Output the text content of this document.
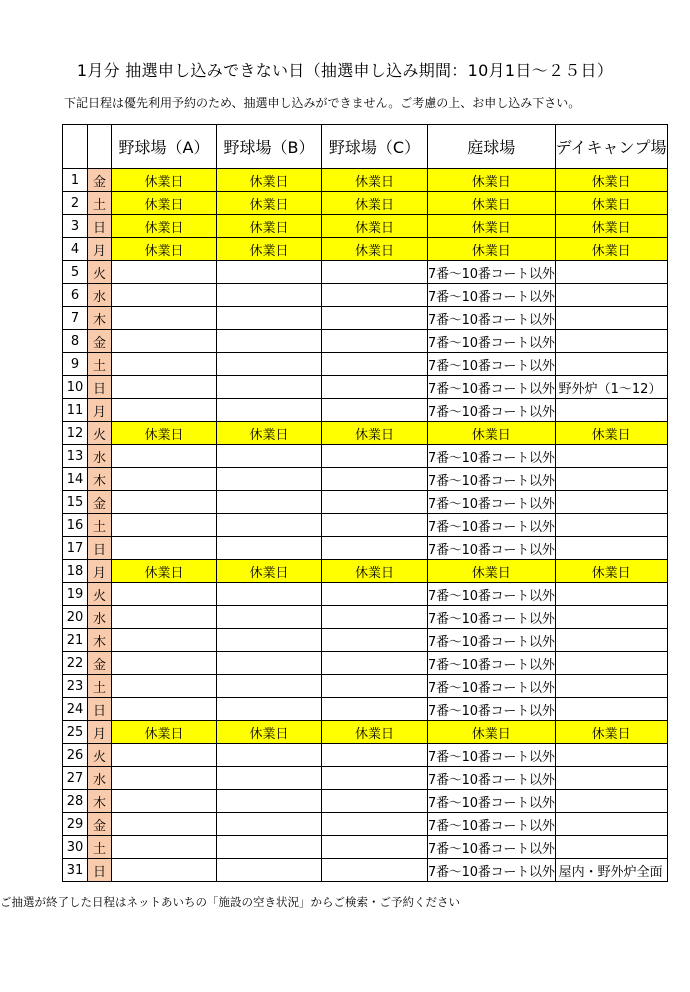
1月分 抽選申し込みできない日（抽選申し込み期間：10月1日～２５日）
下記日程は優先利用予約のため、抽選申し込みができません。ご考慮の上、お申し込み下さい。
		野球場（A）	野球場（B）	野球場（C）	庭球場	デイキャンプ場
1	金	休業日	休業日	休業日	休業日	休業日
2	土	休業日	休業日	休業日	休業日	休業日
3	日	休業日	休業日	休業日	休業日	休業日
4	月	休業日	休業日	休業日	休業日	休業日
5	火				7番～10番コート以外	
6	水				7番～10番コート以外	
7	木				7番～10番コート以外	
8	金				7番～10番コート以外	
9	土				7番～10番コート以外	
10	日				7番～10番コート以外	野外炉（1～12）
11	月				7番～10番コート以外	
12	火	休業日	休業日	休業日	休業日	休業日
13	水				7番～10番コート以外	
14	木				7番～10番コート以外	
15	金				7番～10番コート以外	
16	土				7番～10番コート以外	
17	日				7番～10番コート以外	
18	月	休業日	休業日	休業日	休業日	休業日
19	火				7番～10番コート以外	
20	水				7番～10番コート以外	
21	木				7番～10番コート以外	
22	金				7番～10番コート以外	
23	土				7番～10番コート以外	
24	日				7番～10番コート以外	
25	月	休業日	休業日	休業日	休業日	休業日
26	火				7番～10番コート以外	
27	水				7番～10番コート以外	
28	木				7番～10番コート以外	
29	金				7番～10番コート以外	
30	土				7番～10番コート以外	
31	日				7番～10番コート以外	屋内・野外炉全面
ご抽選が終了した日程はネットあいちの「施設の空き状況」からご検索・ご予約ください
